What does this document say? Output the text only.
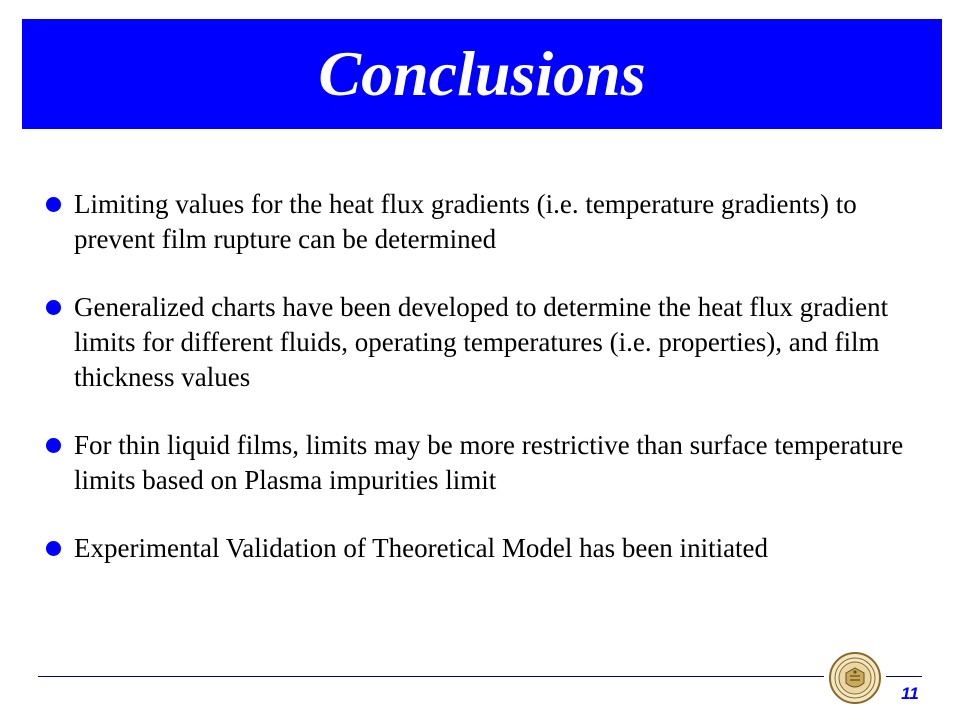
Conclusions
Limiting values for the heat flux gradients (i.e. temperature gradients) to prevent film rupture can be determined
Generalized charts have been developed to determine the heat flux gradient limits for different fluids, operating temperatures (i.e. properties), and film thickness values
For thin liquid films, limits may be more restrictive than surface temperature limits based on Plasma impurities limit
Experimental Validation of Theoretical Model has been initiated
11
